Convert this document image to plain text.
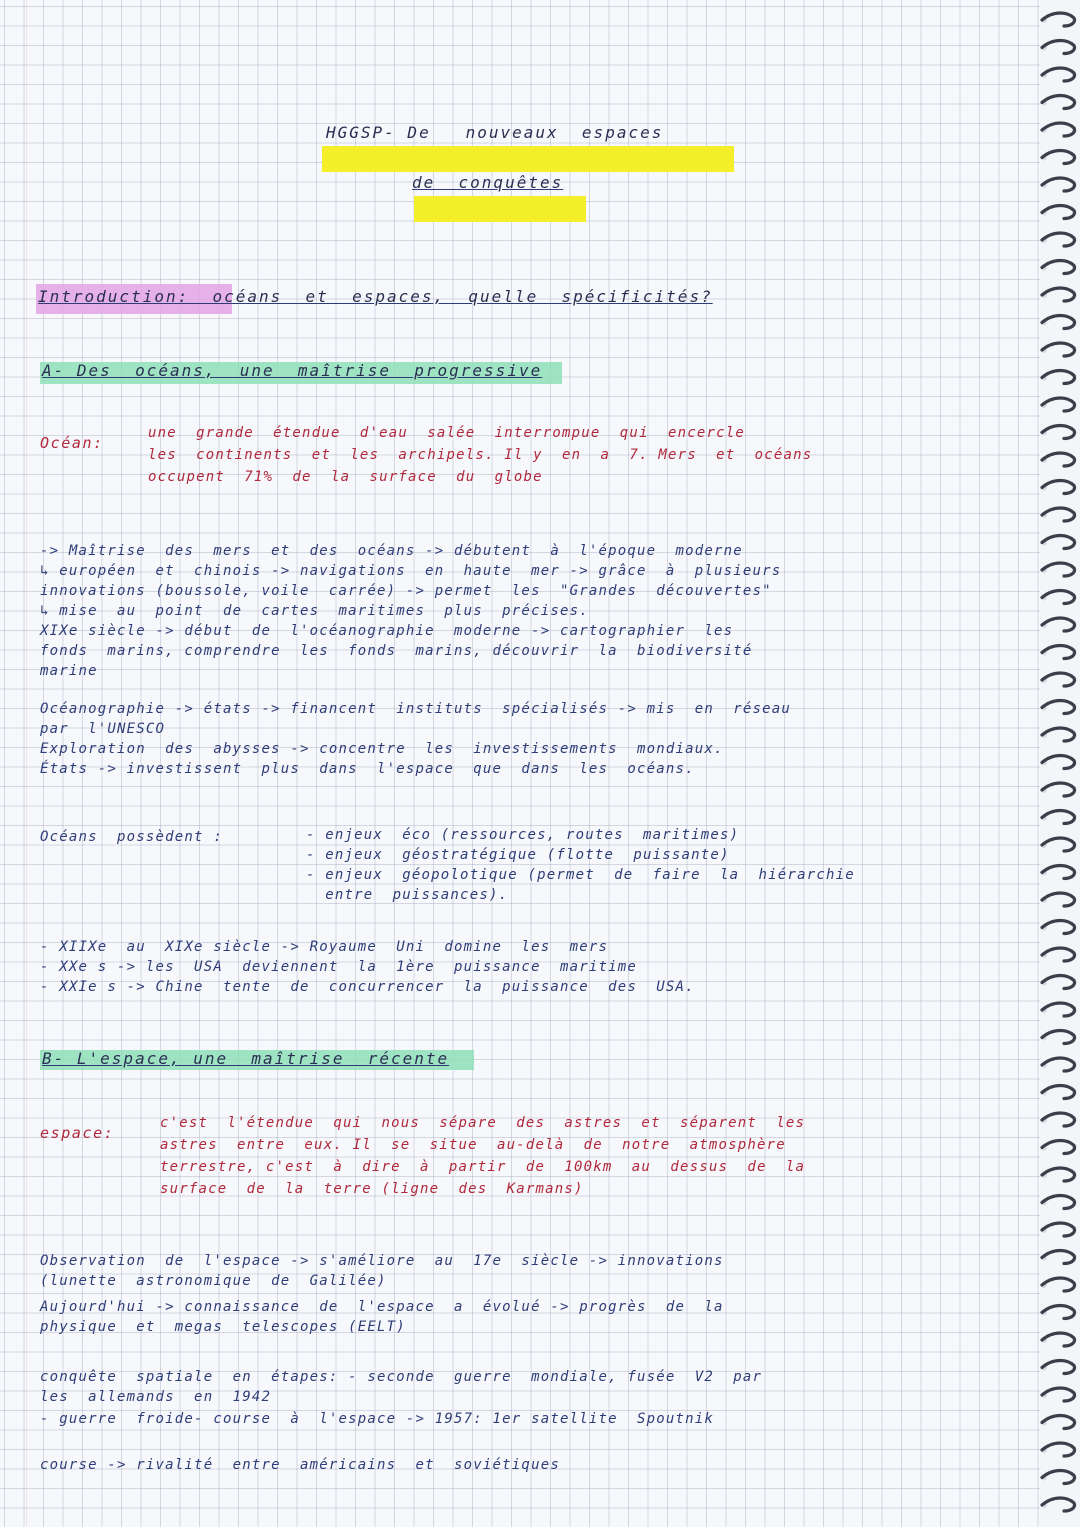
HGGSP- De   nouveaux  espaces
de  conquêtes
Introduction:  océans  et  espaces,  quelle  spécificités?
A- Des  océans,  une  maîtrise  progressive
Océan:
une  grande  étendue  d'eau  salée  interrompue  qui  encercle
les  continents  et  les  archipels. Il y  en  a  7. Mers  et  océans
occupent  71%  de  la  surface  du  globe
-> Maîtrise  des  mers  et  des  océans -> débutent  à  l'époque  moderne
↳ européen  et  chinois -> navigations  en  haute  mer -> grâce  à  plusieurs
innovations (boussole, voile  carrée) -> permet  les  "Grandes  découvertes"
↳ mise  au  point  de  cartes  maritimes  plus  précises.
XIXe siècle -> début  de  l'océanographie  moderne -> cartographier  les
fonds  marins, comprendre  les  fonds  marins, découvrir  la  biodiversité
marine
Océanographie -> états -> financent  instituts  spécialisés -> mis  en  réseau
par  l'UNESCO
Exploration  des  abysses -> concentre  les  investissements  mondiaux.
États -> investissent  plus  dans  l'espace  que  dans  les  océans.
Océans  possèdent :	- enjeux  éco (ressources, routes  maritimes)
- enjeux  géostratégique (flotte  puissante)
- enjeux  géopolotique (permet  de  faire  la  hiérarchie
entre  puissances).
- XIIXe  au  XIXe siècle -> Royaume  Uni  domine  les  mers
- XXe s -> les  USA  deviennent  la  1ère  puissance  maritime
- XXIe s -> Chine  tente  de  concurrencer  la  puissance  des  USA.
B- L'espace, une  maîtrise  récente
espace:
c'est  l'étendue  qui  nous  sépare  des  astres  et  séparent  les
astres  entre  eux. Il  se  situe  au-delà  de  notre  atmosphère
terrestre, c'est  à  dire  à  partir  de  100km  au  dessus  de  la
surface  de  la  terre (ligne  des  Karmans)
Observation  de  l'espace -> s'améliore  au  17e  siècle -> innovations
(lunette  astronomique  de  Galilée)
Aujourd'hui -> connaissance  de  l'espace  a  évolué -> progrès  de  la
physique  et  megas  telescopes (EELT)
conquête  spatiale  en  étapes: - seconde  guerre  mondiale, fusée  V2  par
les  allemands  en  1942
- guerre  froide- course  à  l'espace -> 1957: 1er satellite  Spoutnik
course -> rivalité  entre  américains  et  soviétiques
